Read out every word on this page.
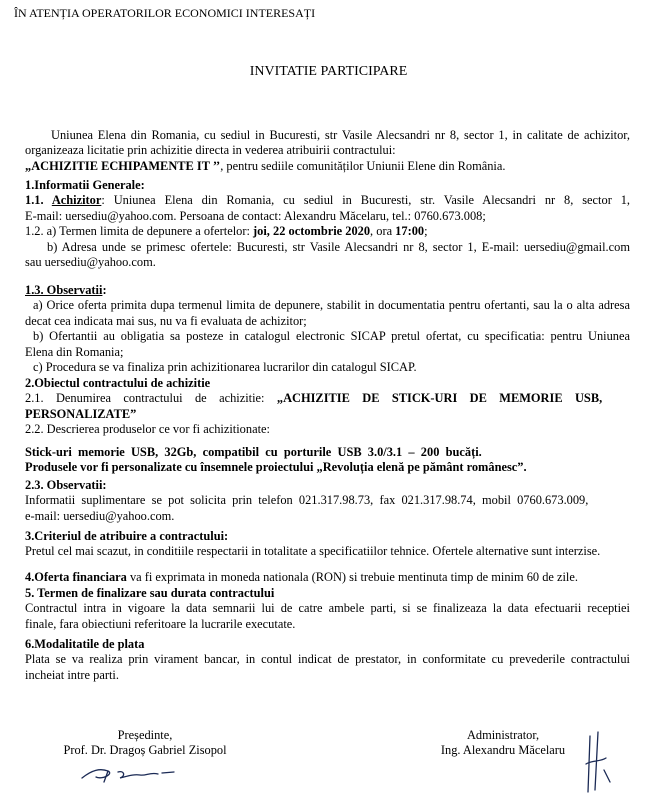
ÎN ATENȚIA OPERATORILOR ECONOMICI INTERESAȚI
INVITATIE PARTICIPARE
Uniunea Elena din Romania, cu sediul in Bucuresti, str Vasile Alecsandri nr 8, sector 1, in calitate de achizitor,
organizeaza licitatie prin achizitie directa in vederea atribuirii contractului:
„ACHIZITIE ECHIPAMENTE IT ’’, pentru sediile comunităților Uniunii Elene din România.
1.Informatii Generale:
1.1. Achizitor: Uniunea Elena din Romania, cu sediul in Bucuresti, str. Vasile Alecsandri nr 8, sector 1,
E-mail: uersediu@yahoo.com. Persoana de contact: Alexandru Măcelaru, tel.: 0760.673.008;
1.2. a) Termen limita de depunere a ofertelor: joi, 22 octombrie 2020, ora 17:00;
b) Adresa unde se primesc ofertele: Bucuresti, str Vasile Alecsandri nr 8, sector 1, E-mail: uersediu@gmail.com
sau uersediu@yahoo.com.
1.3. Observatii:
a) Orice oferta primita dupa termenul limita de depunere, stabilit in documentatia pentru ofertanti, sau la o alta adresa
decat cea indicata mai sus, nu va fi evaluata de achizitor;
b) Ofertantii au obligatia sa posteze in catalogul electronic SICAP pretul ofertat, cu specificatia: pentru Uniunea
Elena din Romania;
c) Procedura se va finaliza prin achizitionarea lucrarilor din catalogul SICAP.
2.Obiectul contractului de achizitie
2.1.    Denumirea    contractului    de    achizitie:    „ACHIZITIE    DE    STICK-URI    DE    MEMORIE    USB,
PERSONALIZATE”
2.2. Descrierea produselor ce vor fi achizitionate:
Stick-uri  memorie  USB,  32Gb,  compatibil  cu  porturile  USB  3.0/3.1  –  200  bucăți.
Produsele vor fi personalizate cu însemnele proiectului „Revoluția elenă pe pământ românesc”.
2.3. Observatii:
Informatii  suplimentare  se  pot  solicita  prin  telefon  021.317.98.73,  fax  021.317.98.74,  mobil  0760.673.009,
e-mail: uersediu@yahoo.com.
3.Criteriul de atribuire a contractului:
Pretul cel mai scazut, in conditiile respectarii in totalitate a specificatiilor tehnice. Ofertele alternative sunt interzise.
4.Oferta financiara va fi exprimata in moneda nationala (RON) si trebuie mentinuta timp de minim 60 de zile.
5. Termen de finalizare sau durata contractului
Contractul intra in vigoare la data semnarii lui de catre ambele parti, si se finalizeaza la data efectuarii receptiei
finale, fara obiectiuni referitoare la lucrarile executate.
6.Modalitatile de plata
Plata se va realiza prin virament bancar, in contul indicat de prestator, in conformitate cu prevederile contractului
incheiat intre parti.
Președinte,
Prof. Dr. Dragoș Gabriel Zisopol
Administrator,
Ing. Alexandru Măcelaru
